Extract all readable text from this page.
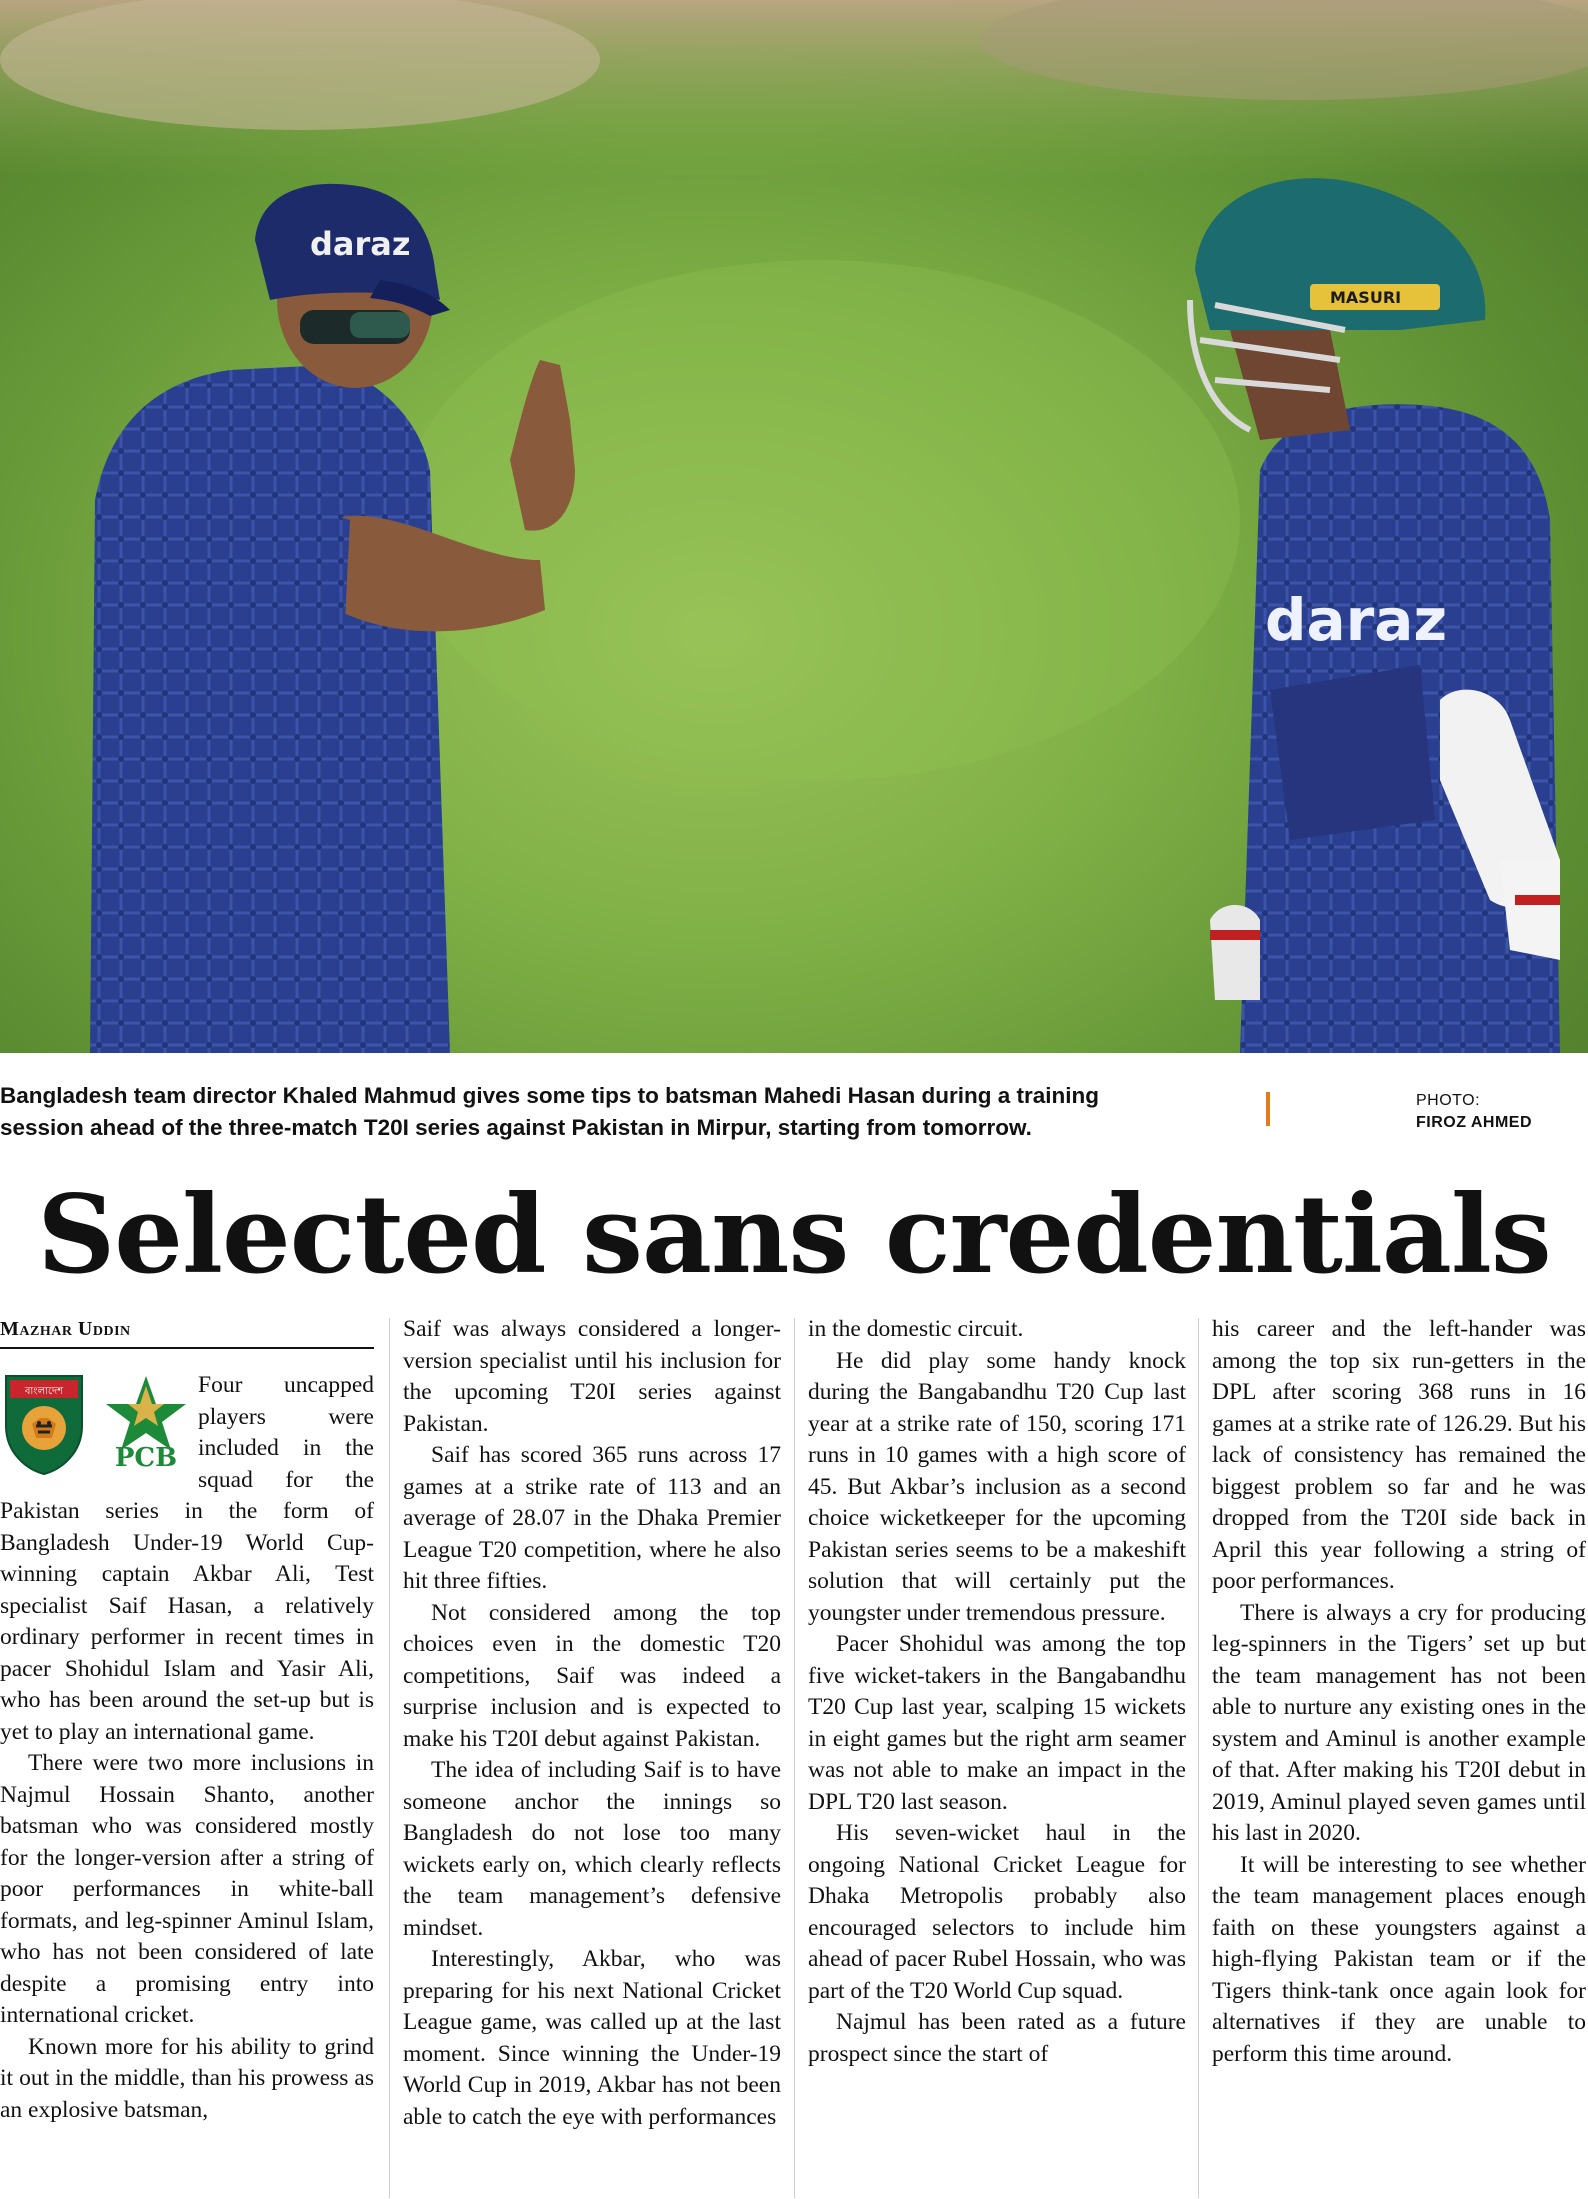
daraz
daraz
MASURI
Bangladesh team director Khaled Mahmud gives some tips to batsman Mahedi Hasan during a training session ahead of the three-match T20I series against Pakistan in Mirpur, starting from tomorrow.
PHOTO:
FIROZ AHMED
Selected sans credentials
Mazhar Uddin
বাংলাদেশ
PCB

Four uncapped players were included in the squad for the Pakistan series in the form of Bangladesh Under-19 World Cup-winning captain Akbar Ali, Test specialist Saif Hasan, a relatively ordinary performer in recent times in pacer Shohidul Islam and Yasir Ali, who has been around the set-up but is yet to play an international game.

There were two more inclusions in Najmul Hossain Shanto, another batsman who was considered mostly for the longer-version after a string of poor performances in white-ball formats, and leg-spinner Aminul Islam, who has not been considered of late despite a promising entry into international cricket.

Known more for his ability to grind it out in the middle, than his prowess as an explosive batsman,

Saif was always considered a longer-version specialist until his inclusion for the upcoming T20I series against Pakistan.

Saif has scored 365 runs across 17 games at a strike rate of 113 and an average of 28.07 in the Dhaka Premier League T20 competition, where he also hit three fifties.

Not considered among the top choices even in the domestic T20 competitions, Saif was indeed a surprise inclusion and is expected to make his T20I debut against Pakistan.

The idea of including Saif is to have someone anchor the innings so Bangladesh do not lose too many wickets early on, which clearly reflects the team management’s defensive mindset.

Interestingly, Akbar, who was preparing for his next National Cricket League game, was called up at the last moment. Since winning the Under-19 World Cup in 2019, Akbar has not been able to catch the eye with performances

in the domestic circuit.

He did play some handy knock during the Bangabandhu T20 Cup last year at a strike rate of 150, scoring 171 runs in 10 games with a high score of 45. But Akbar’s inclusion as a second choice wicketkeeper for the upcoming Pakistan series seems to be a makeshift solution that will certainly put the youngster under tremendous pressure.

Pacer Shohidul was among the top five wicket-takers in the Bangabandhu T20 Cup last year, scalping 15 wickets in eight games but the right arm seamer was not able to make an impact in the DPL T20 last season.

His seven-wicket haul in the ongoing National Cricket League for Dhaka Metropolis probably also encouraged selectors to include him ahead of pacer Rubel Hossain, who was part of the T20 World Cup squad.

Najmul has been rated as a future prospect since the start of

his career and the left-hander was among the top six run-getters in the DPL after scoring 368 runs in 16 games at a strike rate of 126.29. But his lack of consistency has remained the biggest problem so far and he was dropped from the T20I side back in April this year following a string of poor performances.

There is always a cry for producing leg-spinners in the Tigers’ set up but the team management has not been able to nurture any existing ones in the system and Aminul is another example of that. After making his T20I debut in 2019, Aminul played seven games until his last in 2020.

It will be interesting to see whether the team management places enough faith on these youngsters against a high-flying Pakistan team or if the Tigers think-tank once again look for alternatives if they are unable to perform this time around.
